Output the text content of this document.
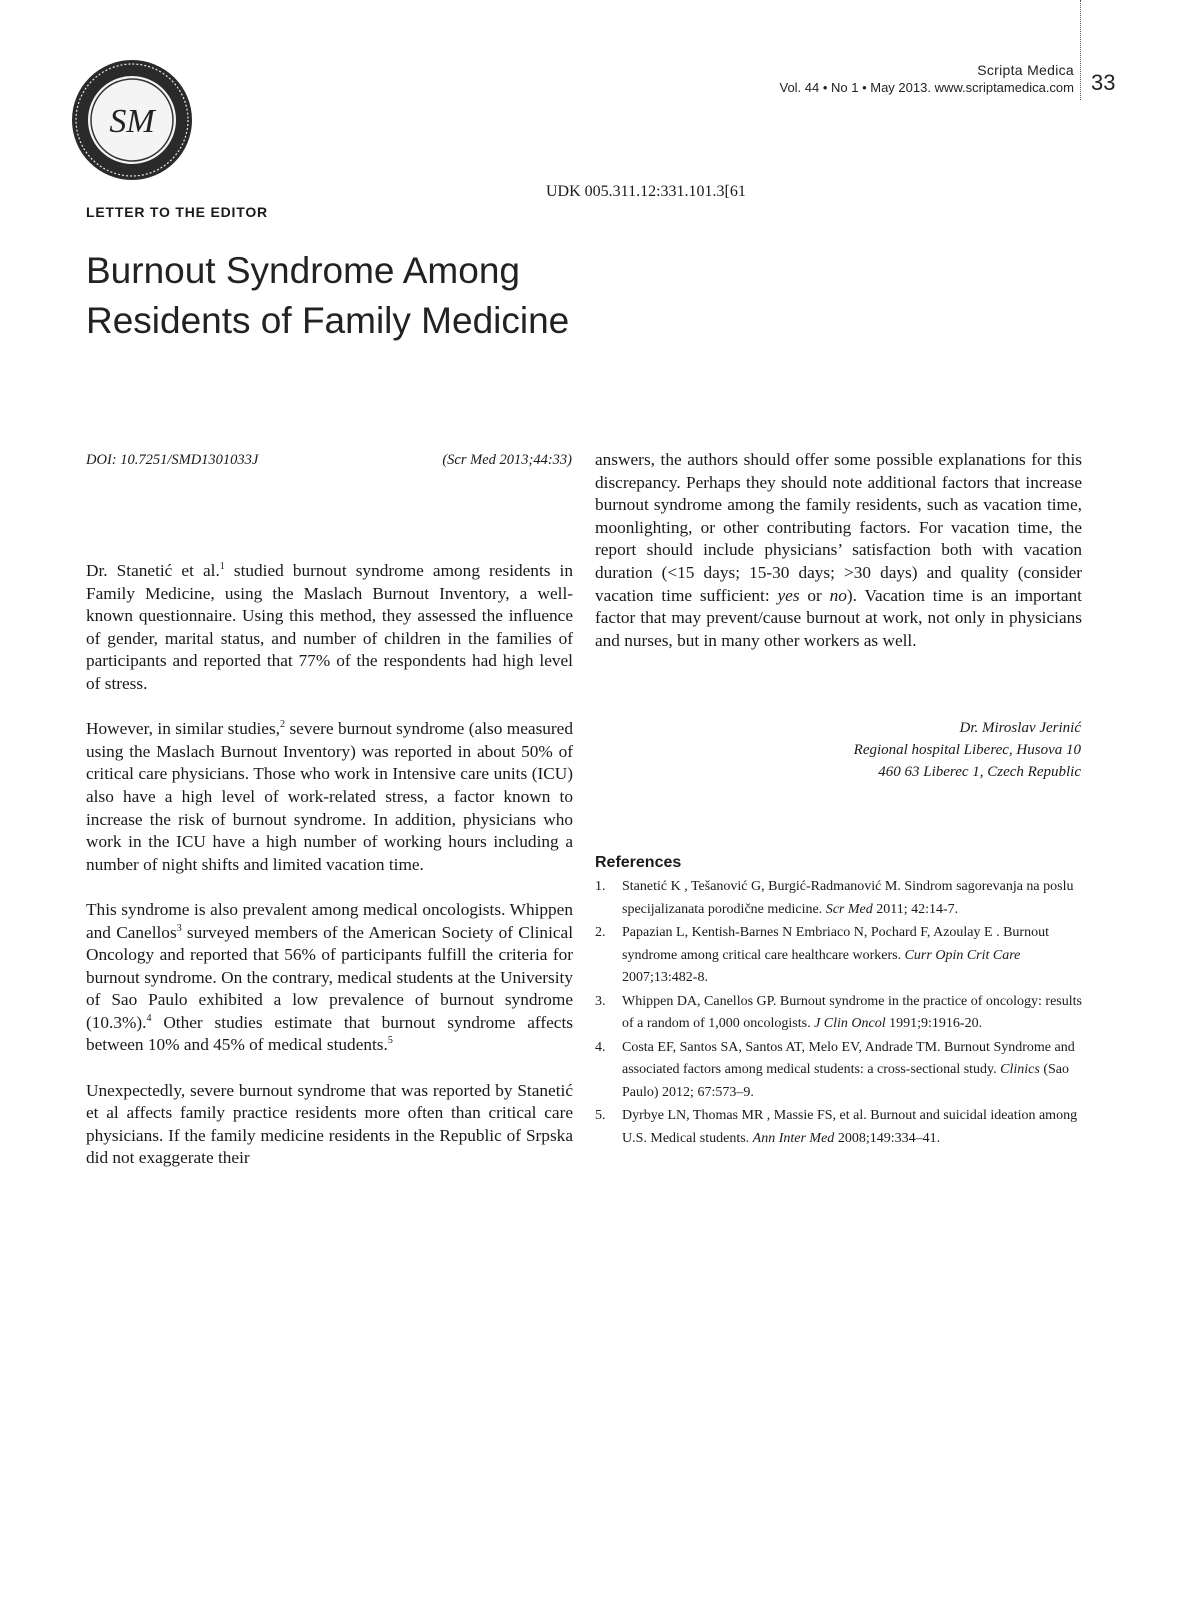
SM
Scripta Medica
Vol. 44 • No 1 • May 2013. www.scriptamedica.com 33
UDK 005.311.12:331.101.3[61
LETTER TO THE EDITOR
Burnout Syndrome Among Residents of Family Medicine
DOI: 10.7251/SMD1301033J	(Scr Med 2013;44:33)

Dr. Stanetić et al.$^1$ studied burnout syndrome among residents in Family Medicine, using the Maslach Burnout Inventory, a well-known questionnaire. Using this method, they assessed the influence of gender, marital status, and number of children in the families of participants and reported that 77% of the respondents had high level of stress.

However, in similar studies,$^2$ severe burnout syndrome (also measured using the Maslach Burnout Inventory) was reported in about 50% of critical care physicians. Those who work in Intensive care units (ICU) also have a high level of work-related stress, a factor known to increase the risk of burnout syndrome. In addition, physicians who work in the ICU have a high number of working hours including a number of night shifts and limited vacation time.

This syndrome is also prevalent among medical oncologists. Whippen and Canellos$^3$ surveyed members of the American Society of Clinical Oncology and reported that 56% of participants fulfill the criteria for burnout syndrome. On the contrary, medical students at the University of Sao Paulo exhibited a low prevalence of burnout syndrome (10.3%).$^4$ Other studies estimate that burnout syndrome affects between 10% and 45% of medical students.$^5$

Unexpectedly, severe burnout syndrome that was reported by Stanetić et al affects family practice residents more often than critical care physicians. If the family medicine residents in the Republic of Srpska did not exaggerate their

answers, the authors should offer some possible explanations for this discrepancy. Perhaps they should note additional factors that increase burnout syndrome among the family residents, such as vacation time, moonlighting, or other contributing factors. For vacation time, the report should include physicians’ satisfaction both with vacation duration (<15 days; 15-30 days; >30 days) and quality (consider vacation time sufficient: yes or no). Vacation time is an important factor that may prevent/cause burnout at work, not only in physicians and nurses, but in many other workers as well.

Dr. Miroslav Jerinić
Regional hospital Liberec, Husova 10
460 63 Liberec 1, Czech Republic
References
1. Stanetić K , Tešanović G, Burgić-Radmanović M. Sindrom sagorevanja na poslu specijalizanata porodične medicine. Scr Med 2011; 42:14-7.
2. Papazian L, Kentish-Barnes N Embriaco N, Pochard F, Azoulay E . Burnout syndrome among critical care healthcare workers. Curr Opin Crit Care 2007;13:482-8.
3. Whippen DA, Canellos GP. Burnout syndrome in the practice of oncology: results of a random of 1,000 oncologists. J Clin Oncol 1991;9:1916-20.
4. Costa EF, Santos SA, Santos AT, Melo EV, Andrade TM. Burnout Syndrome and associated factors among medical students: a cross-sectional study. Clinics (Sao Paulo) 2012; 67:573–9.
5. Dyrbye LN, Thomas MR , Massie FS, et al. Burnout and suicidal ideation among U.S. Medical students. Ann Inter Med 2008;149:334–41.
